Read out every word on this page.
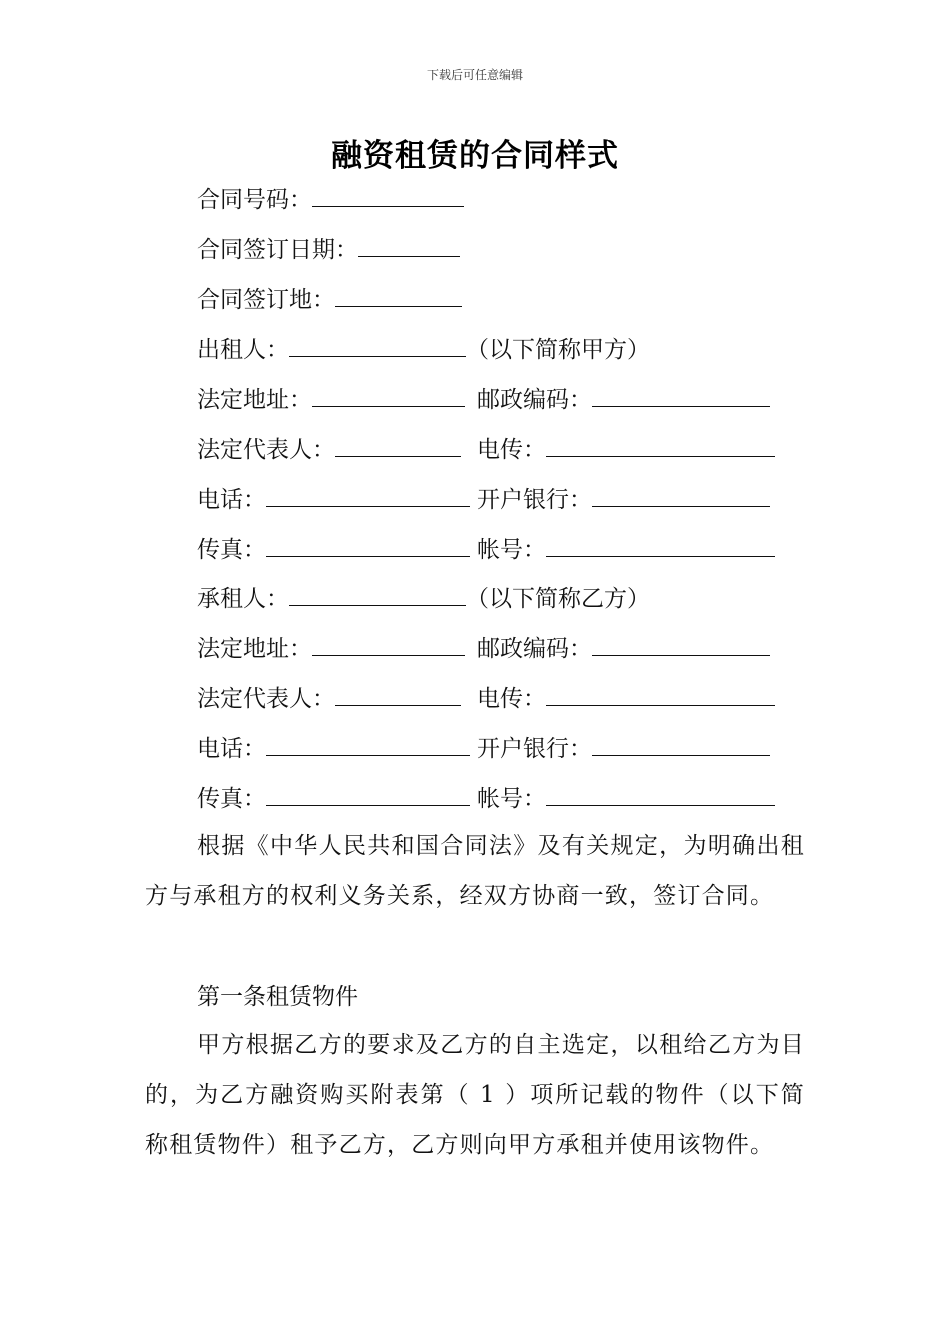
下载后可任意编辑
融资租赁的合同样式
合同号码：
合同签订日期：
合同签订地：
出租人：	（以下简称甲方）
法定地址：	邮政编码：
法定代表人：	电传：
电话：	开户银行：
传真：	帐号：
承租人：	（以下简称乙方）
法定地址：	邮政编码：
法定代表人：	电传：
电话：	开户银行：
传真：	帐号：
根据《中华人民共和国合同法》及有关规定，为明确出租方与承租方的权利义务关系，经双方协商一致，签订合同。
第一条租赁物件
甲方根据乙方的要求及乙方的自主选定，以租给乙方为目的，为乙方融资购买附表第（ 1 ）项所记载的物件（以下简称租赁物件）租予乙方，乙方则向甲方承租并使用该物件。
